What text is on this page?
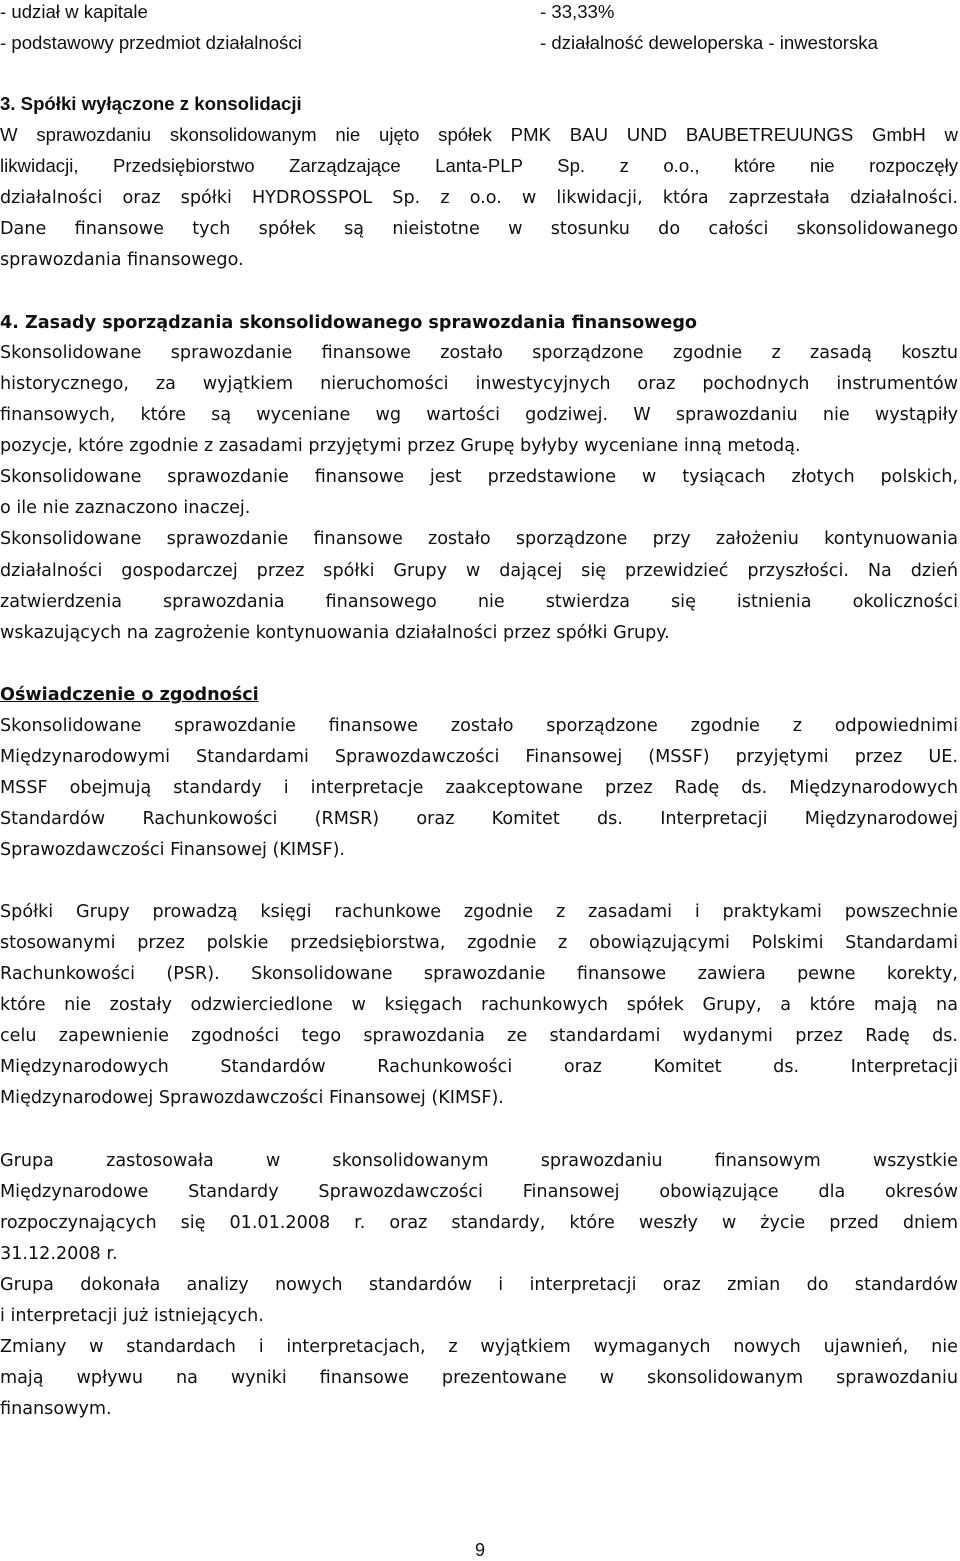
- udział w kapitale	- 33,33%
- podstawowy przedmiot działalności	- działalność deweloperska - inwestorska
3. Spółki wyłączone z konsolidacji
W sprawozdaniu skonsolidowanym nie ujęto spółek PMK BAU UND BAUBETREUUNGS GmbH w
likwidacji, Przedsiębiorstwo Zarządzające Lanta-PLP Sp. z o.o., które nie rozpoczęły
działalności oraz spółki HYDROSSPOL Sp. z o.o. w likwidacji, która zaprzestała działalności.
Dane finansowe tych spółek są nieistotne w stosunku do całości skonsolidowanego
sprawozdania finansowego.
4. Zasady sporządzania skonsolidowanego sprawozdania finansowego
Skonsolidowane sprawozdanie finansowe zostało sporządzone zgodnie z zasadą kosztu
historycznego, za wyjątkiem nieruchomości inwestycyjnych oraz pochodnych instrumentów
finansowych, które są wyceniane wg wartości godziwej. W sprawozdaniu nie wystąpiły
pozycje, które zgodnie z zasadami przyjętymi przez Grupę byłyby wyceniane inną metodą.
Skonsolidowane sprawozdanie finansowe jest przedstawione w tysiącach złotych polskich,
o ile nie zaznaczono inaczej.
Skonsolidowane sprawozdanie finansowe zostało sporządzone przy założeniu kontynuowania
działalności gospodarczej przez spółki Grupy w dającej się przewidzieć przyszłości. Na dzień
zatwierdzenia sprawozdania finansowego nie stwierdza się istnienia okoliczności
wskazujących na zagrożenie kontynuowania działalności przez spółki Grupy.
Oświadczenie o zgodności
Skonsolidowane sprawozdanie finansowe zostało sporządzone zgodnie z odpowiednimi
Międzynarodowymi Standardami Sprawozdawczości Finansowej (MSSF) przyjętymi przez UE.
MSSF obejmują standardy i interpretacje zaakceptowane przez Radę ds. Międzynarodowych
Standardów Rachunkowości (RMSR) oraz Komitet ds. Interpretacji Międzynarodowej
Sprawozdawczości Finansowej (KIMSF).
Spółki Grupy prowadzą księgi rachunkowe zgodnie z zasadami i praktykami powszechnie
stosowanymi przez polskie przedsiębiorstwa, zgodnie z obowiązującymi Polskimi Standardami
Rachunkowości (PSR). Skonsolidowane sprawozdanie finansowe zawiera pewne korekty,
które nie zostały odzwierciedlone w księgach rachunkowych spółek Grupy, a które mają na
celu zapewnienie zgodności tego sprawozdania ze standardami wydanymi przez Radę ds.
Międzynarodowych Standardów Rachunkowości oraz Komitet ds. Interpretacji
Międzynarodowej Sprawozdawczości Finansowej (KIMSF).
Grupa zastosowała w skonsolidowanym sprawozdaniu finansowym wszystkie
Międzynarodowe Standardy Sprawozdawczości Finansowej obowiązujące dla okresów
rozpoczynających się 01.01.2008 r. oraz standardy, które weszły w życie przed dniem
31.12.2008 r.
Grupa dokonała analizy nowych standardów i interpretacji oraz zmian do standardów
i interpretacji już istniejących.
Zmiany w standardach i interpretacjach, z wyjątkiem wymaganych nowych ujawnień, nie
mają wpływu na wyniki finansowe prezentowane w skonsolidowanym sprawozdaniu
finansowym.
9
